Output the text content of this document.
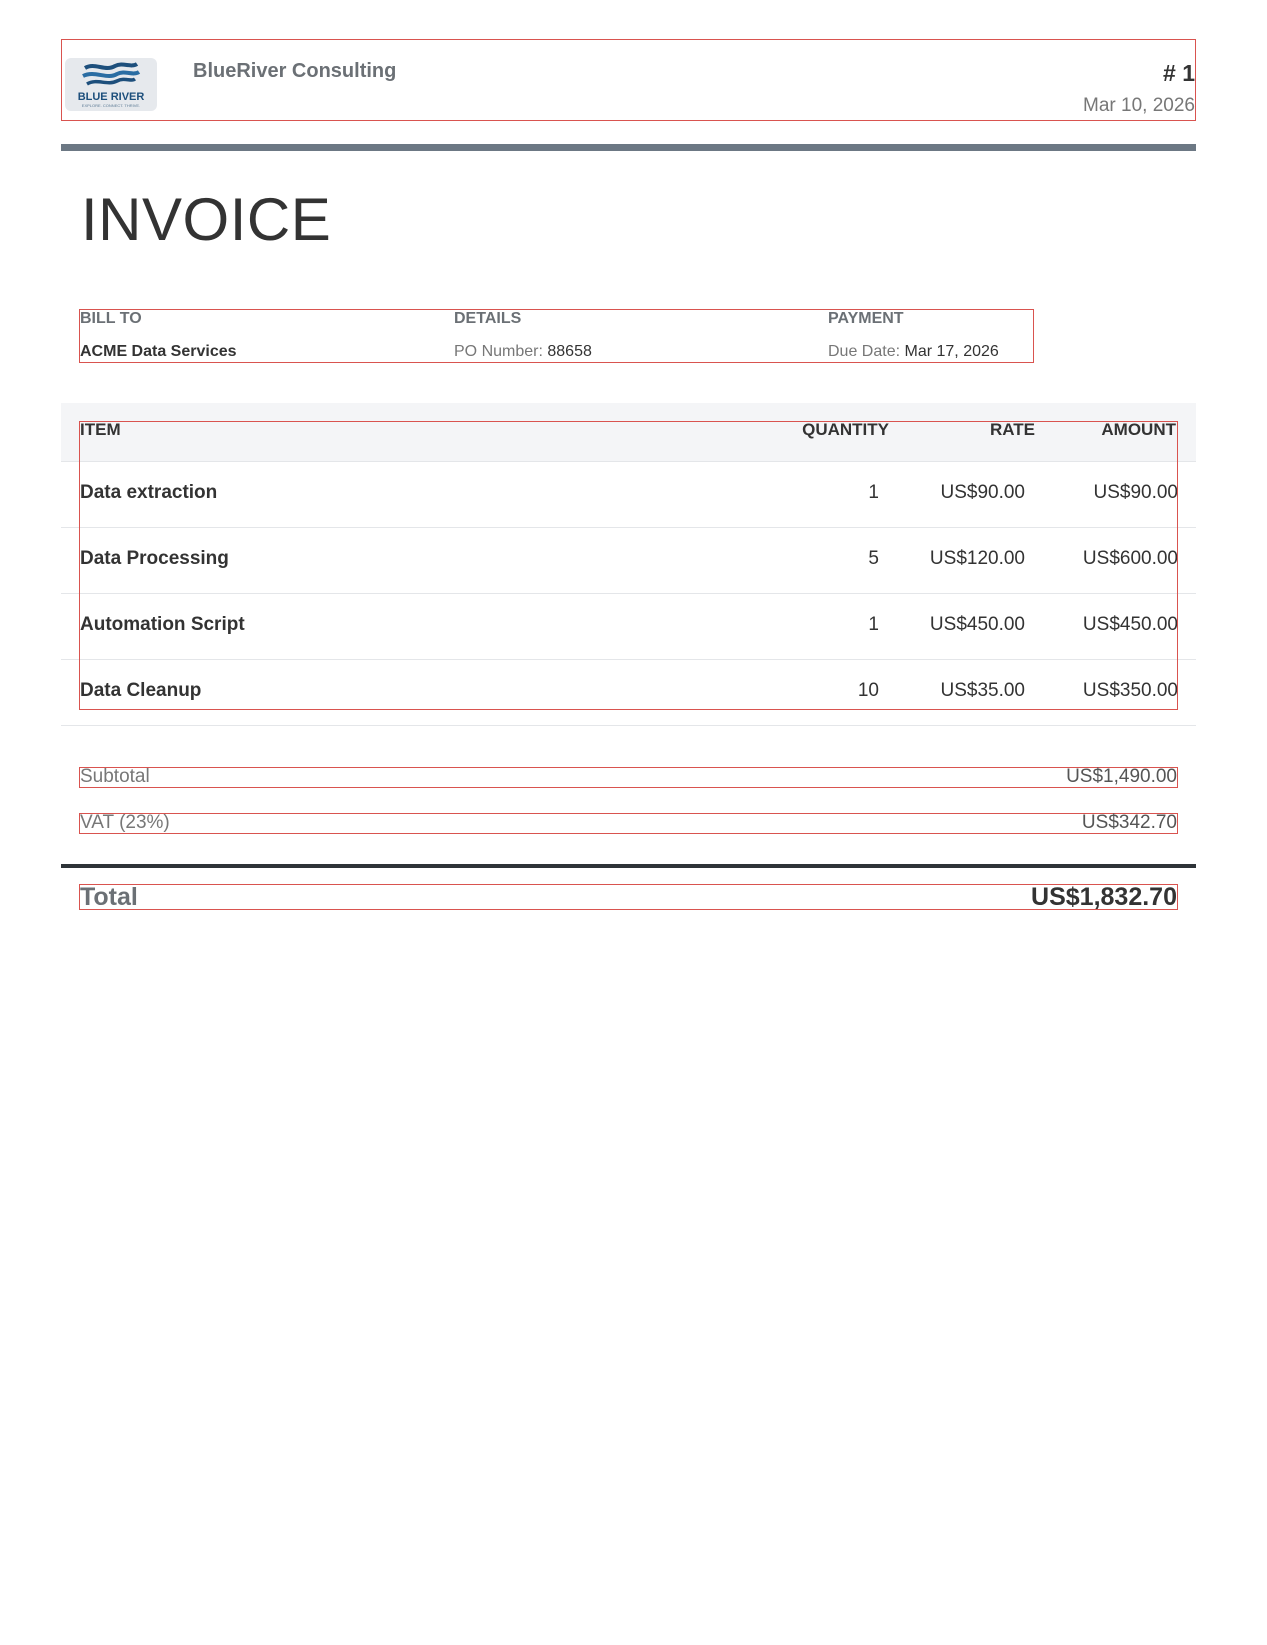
BLUE RIVER
EXPLORE. CONNECT. THRIVE.
BlueRiver Consulting	# 1
Mar 10, 2026
INVOICE
BILL TO
ACME Data Services
DETAILS
PO Number: 88658
PAYMENT
Due Date: Mar 17, 2026
ITEM	QUANTITY	RATE	AMOUNT
Data extraction	1	US$90.00	US$90.00
Data Processing	5	US$120.00	US$600.00
Automation Script	1	US$450.00	US$450.00
Data Cleanup	10	US$35.00	US$350.00
Subtotal	US$1,490.00
VAT (23%)	US$342.70
Total	US$1,832.70
